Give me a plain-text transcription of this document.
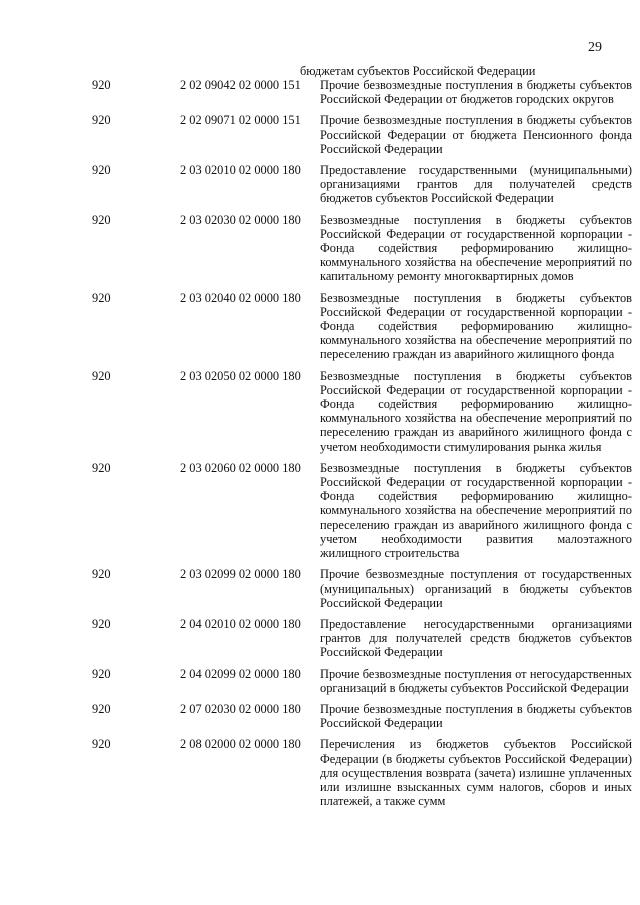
29
бюджетам субъектов Российской Федерации
920	2 02 09042 02 0000 151	Прочие безвозмездные поступления в бюджеты субъектов Российской Федерации от бюджетов городских округов
920	2 02 09071 02 0000 151	Прочие безвозмездные поступления в бюджеты субъектов Российской Федерации от бюджета Пенсионного фонда Российской Федерации
920	2 03 02010 02 0000 180	Предоставление государственными (муниципальными) организациями грантов для получателей средств бюджетов субъектов Российской Федерации
920	2 03 02030 02 0000 180	Безвозмездные поступления в бюджеты субъектов Российской Федерации от государственной корпорации - Фонда содействия реформированию жилищно-коммунального хозяйства на обеспечение мероприятий по капитальному ремонту многоквартирных домов
920	2 03 02040 02 0000 180	Безвозмездные поступления в бюджеты субъектов Российской Федерации от государственной корпорации - Фонда содействия реформированию жилищно-коммунального хозяйства на обеспечение мероприятий по переселению граждан из аварийного жилищного фонда
920	2 03 02050 02 0000 180	Безвозмездные поступления в бюджеты субъектов Российской Федерации от государственной корпорации - Фонда содействия реформированию жилищно-коммунального хозяйства на обеспечение мероприятий по переселению граждан из аварийного жилищного фонда с учетом необходимости стимулирования рынка жилья
920	2 03 02060 02 0000 180	Безвозмездные поступления в бюджеты субъектов Российской Федерации от государственной корпорации - Фонда содействия реформированию жилищно-коммунального хозяйства на обеспечение мероприятий по переселению граждан из аварийного жилищного фонда с учетом необходимости развития малоэтажного жилищного строительства
920	2 03 02099 02 0000 180	Прочие безвозмездные поступления от государственных (муниципальных) организаций в бюджеты субъектов Российской Федерации
920	2 04 02010 02 0000 180	Предоставление негосударственными организациями грантов для получателей средств бюджетов субъектов Российской Федерации
920	2 04 02099 02 0000 180	Прочие безвозмездные поступления от негосударственных организаций в бюджеты субъектов Российской Федерации
920	2 07 02030 02 0000 180	Прочие безвозмездные поступления в бюджеты субъектов Российской Федерации
920	2 08 02000 02 0000 180	Перечисления из бюджетов субъектов Российской Федерации (в бюджеты субъектов Российской Федерации) для осуществления возврата (зачета) излишне уплаченных или излишне взысканных сумм налогов, сборов и иных платежей, а также сумм
